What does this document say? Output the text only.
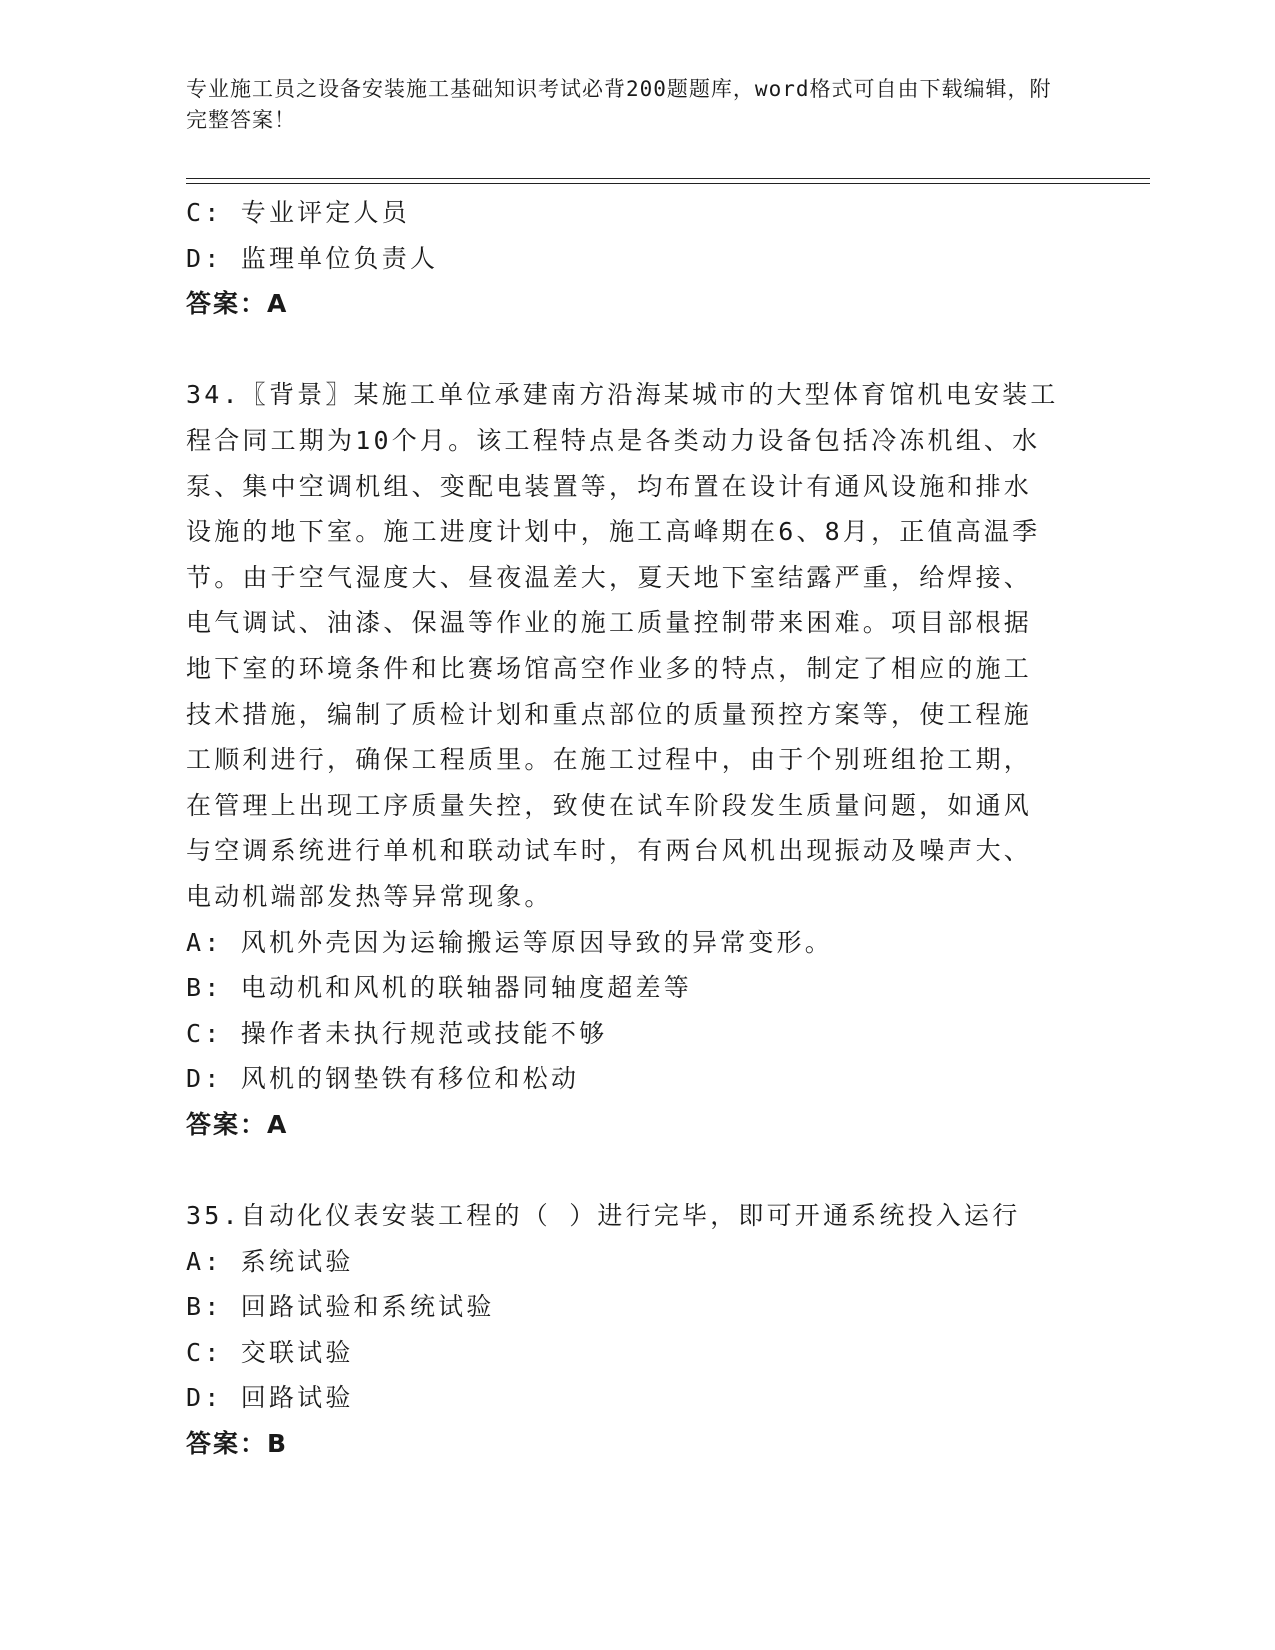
专业施工员之设备安装施工基础知识考试必背200题题库，word格式可自由下载编辑，附完整答案！
C: 专业评定人员
D: 监理单位负责人
答案：A
34.〖背景〗某施工单位承建南方沿海某城市的大型体育馆机电安装工
程合同工期为10个月。该工程特点是各类动力设备包括冷冻机组、水
泵、集中空调机组、变配电装置等，均布置在设计有通风设施和排水
设施的地下室。施工进度计划中，施工高峰期在6、8月，正值高温季
节。由于空气湿度大、昼夜温差大，夏天地下室结露严重，给焊接、
电气调试、油漆、保温等作业的施工质量控制带来困难。项目部根据
地下室的环境条件和比赛场馆高空作业多的特点，制定了相应的施工
技术措施，编制了质检计划和重点部位的质量预控方案等，使工程施
工顺利进行，确保工程质里。在施工过程中，由于个别班组抢工期，
在管理上出现工序质量失控，致使在试车阶段发生质量问题，如通风
与空调系统进行单机和联动试车时，有两台风机出现振动及噪声大、
电动机端部发热等异常现象。
A: 风机外壳因为运输搬运等原因导致的异常变形。
B: 电动机和风机的联轴器同轴度超差等
C: 操作者未执行规范或技能不够
D: 风机的钢垫铁有移位和松动
答案：A
35.自动化仪表安装工程的（ ）进行完毕，即可开通系统投入运行
A: 系统试验
B: 回路试验和系统试验
C: 交联试验
D: 回路试验
答案：B
